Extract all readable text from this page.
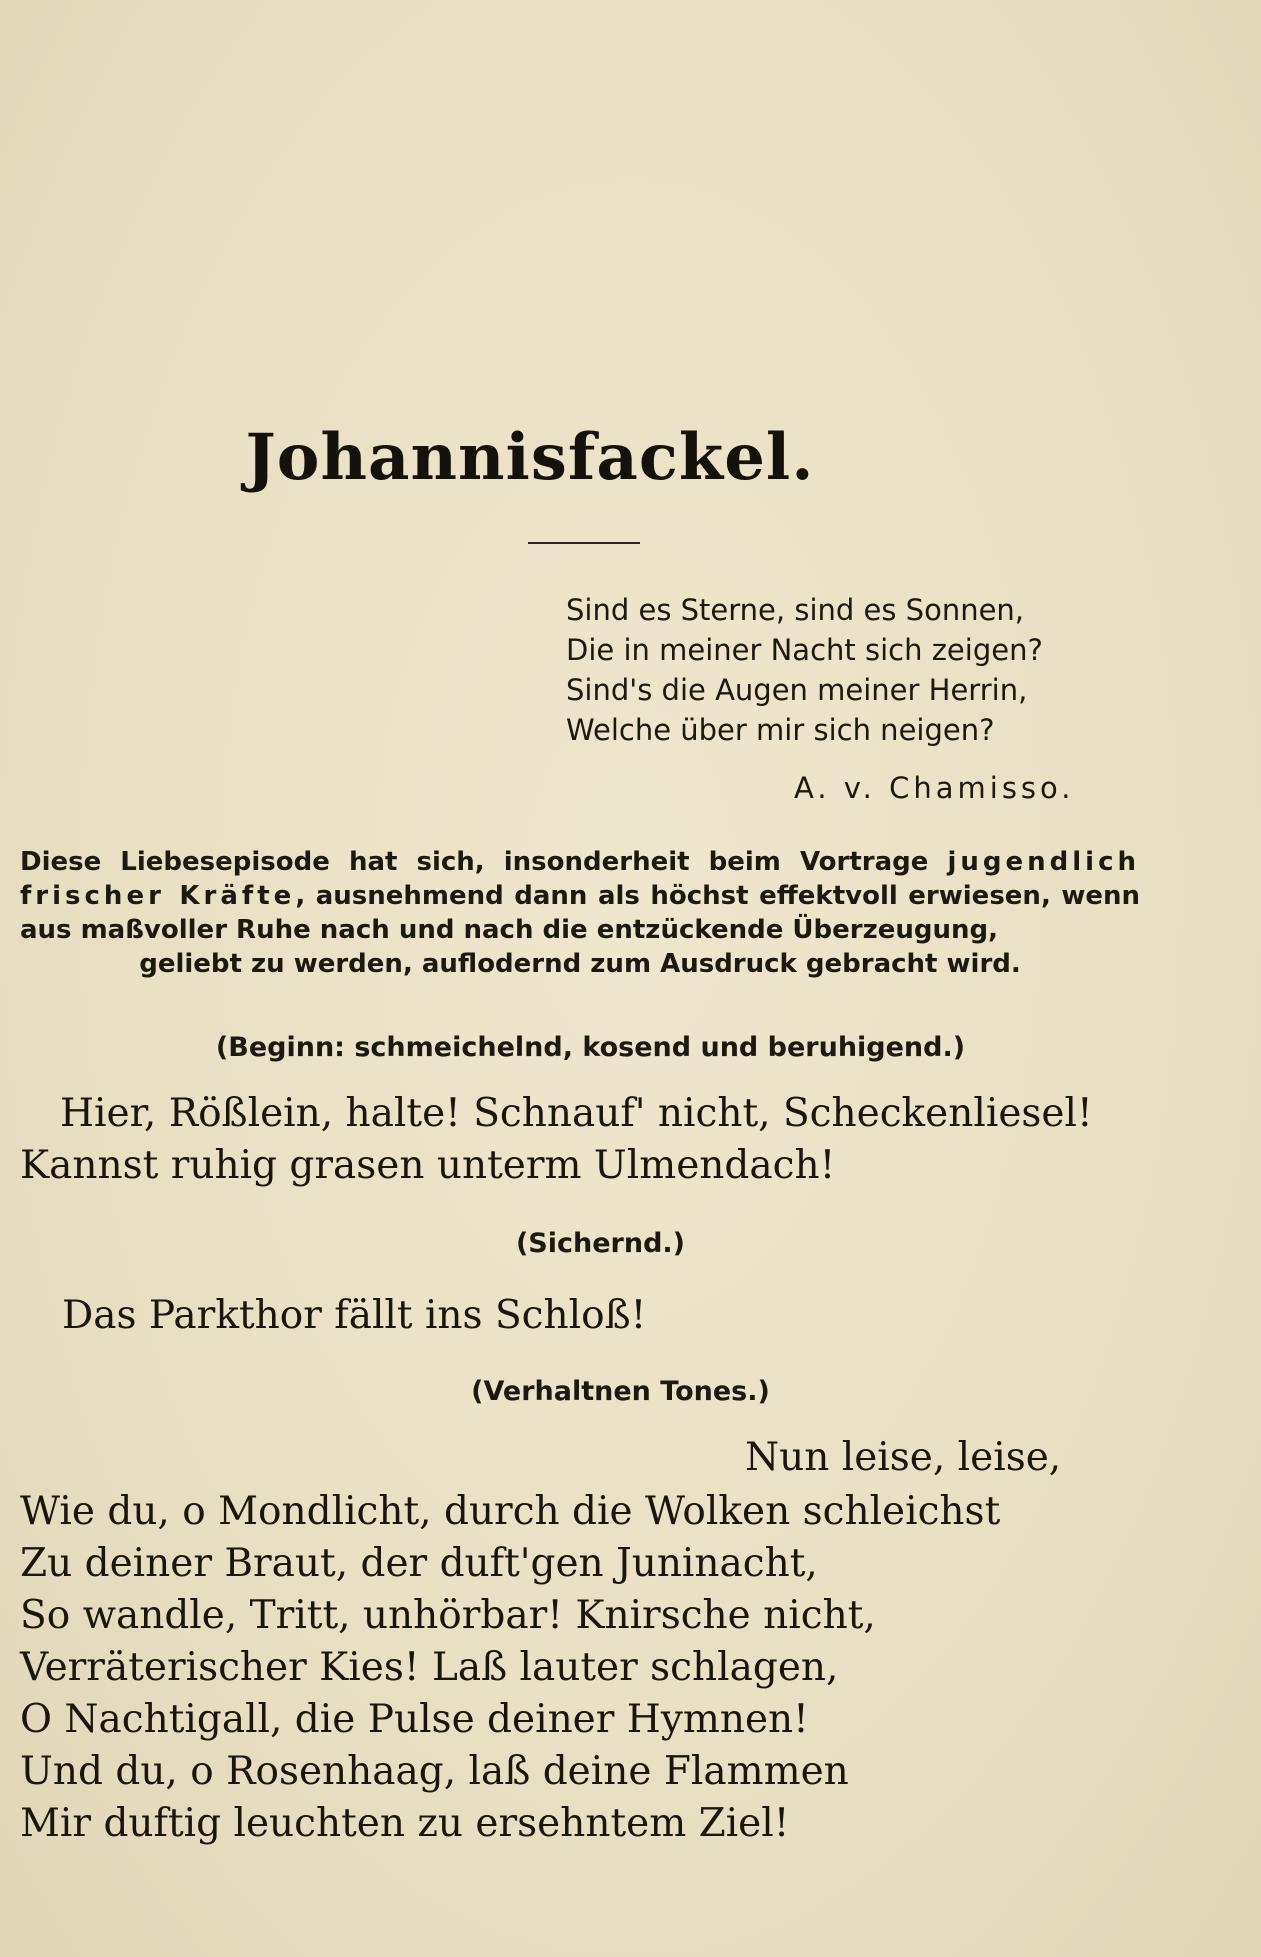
Johannisfackel.
Sind es Sterne, sind es Sonnen,
Die in meiner Nacht sich zeigen?
Sind's die Augen meiner Herrin,
Welche über mir sich neigen?
A. v. Chamisso.
Diese Liebesepisode hat sich, insonderheit beim Vortrage jugendlich frischer Kräfte, ausnehmend dann als höchst effektvoll erwiesen, wenn aus maßvoller Ruhe nach und nach die entzückende Überzeugung,
geliebt zu werden, auflodernd zum Ausdruck gebracht wird.
(Beginn: schmeichelnd, kosend und beruhigend.)
Hier, Rößlein, halte! Schnauf' nicht, Scheckenliesel!
Kannst ruhig grasen unterm Ulmendach!
(Sichernd.)
Das Parkthor fällt ins Schloß!
(Verhaltnen Tones.)
Nun leise, leise,
Wie du, o Mondlicht, durch die Wolken schleichst
Zu deiner Braut, der duft'gen Juninacht,
So wandle, Tritt, unhörbar! Knirsche nicht,
Verräterischer Kies! Laß lauter schlagen,
O Nachtigall, die Pulse deiner Hymnen!
Und du, o Rosenhaag, laß deine Flammen
Mir duftig leuchten zu ersehntem Ziel!
